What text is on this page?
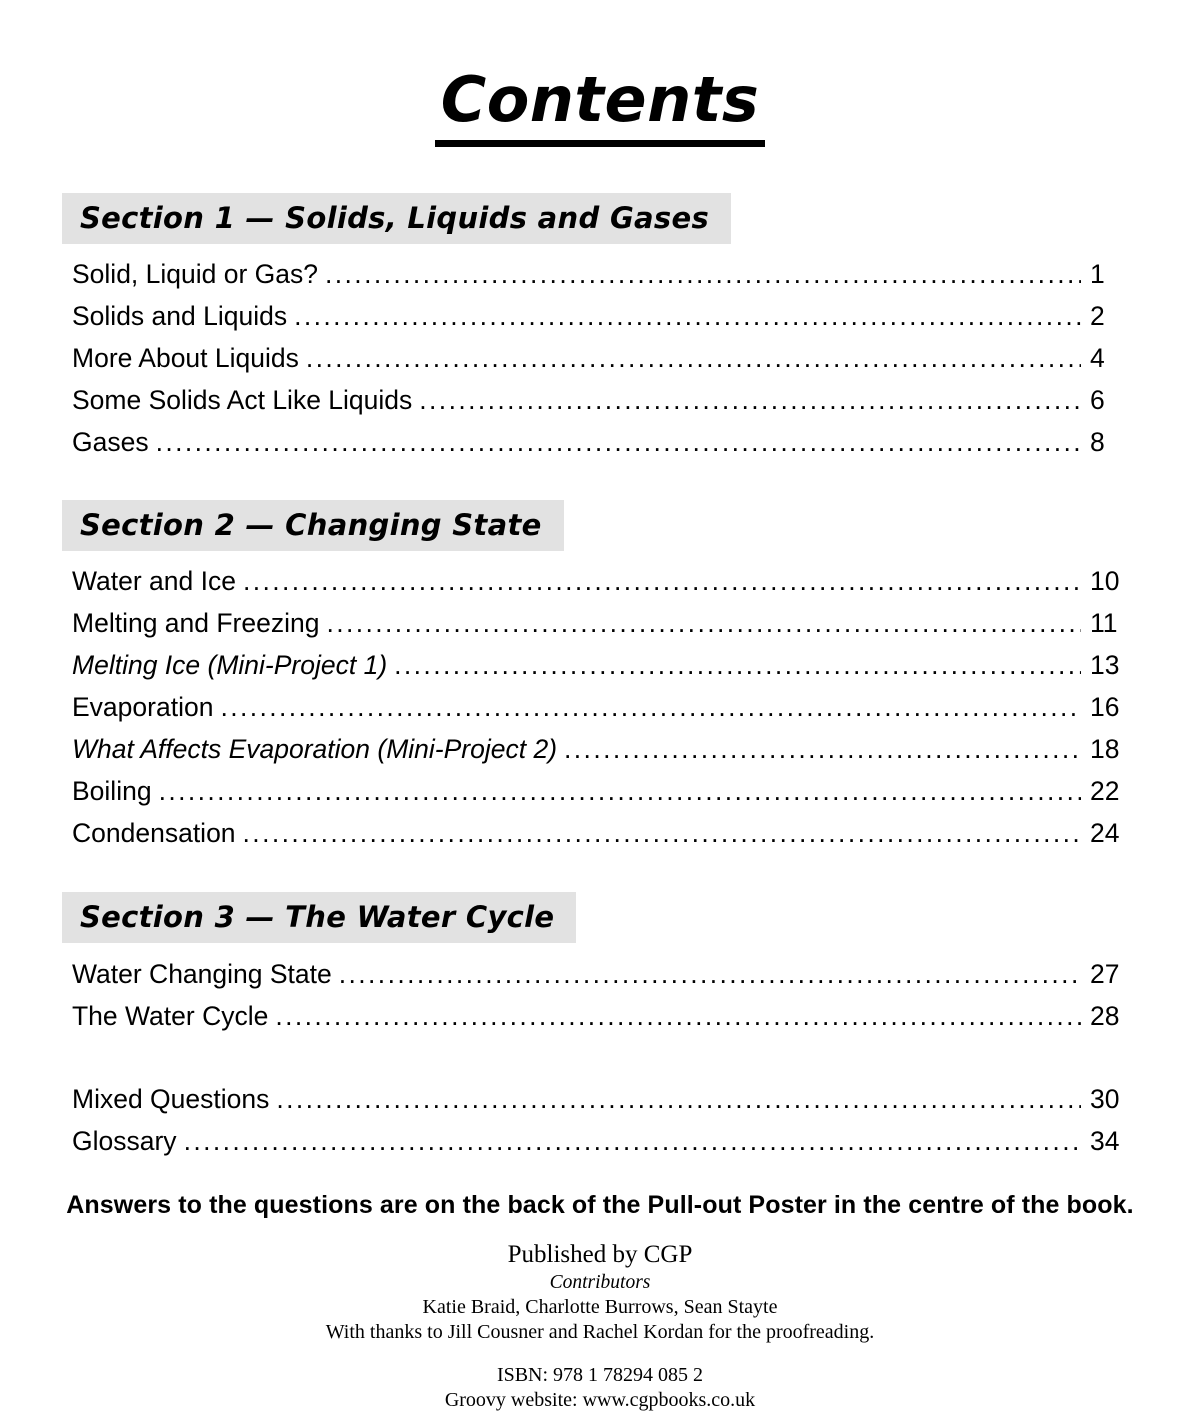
Contents
Section 1 — Solids, Liquids and Gases
Solid, Liquid or Gas? .....	1
Solids and Liquids .....	2
More About Liquids .....	4
Some Solids Act Like Liquids .....	6
Gases .....	8
Section 2 — Changing State
Water and Ice .....	10
Melting and Freezing .....	11
Melting Ice (Mini-Project 1) .....	13
Evaporation .....	16
What Affects Evaporation (Mini-Project 2) .....	18
Boiling .....	22
Condensation .....	24
Section 3 — The Water Cycle
Water Changing State .....	27
The Water Cycle .....	28
Mixed Questions .....	30
Glossary .....	34
Answers to the questions are on the back of the Pull-out Poster in the centre of the book.
Published by CGP
Contributors
Katie Braid, Charlotte Burrows, Sean Stayte
With thanks to Jill Cousner and Rachel Kordan for the proofreading.
ISBN: 978 1 78294 085 2
Groovy website: www.cgpbooks.co.uk
